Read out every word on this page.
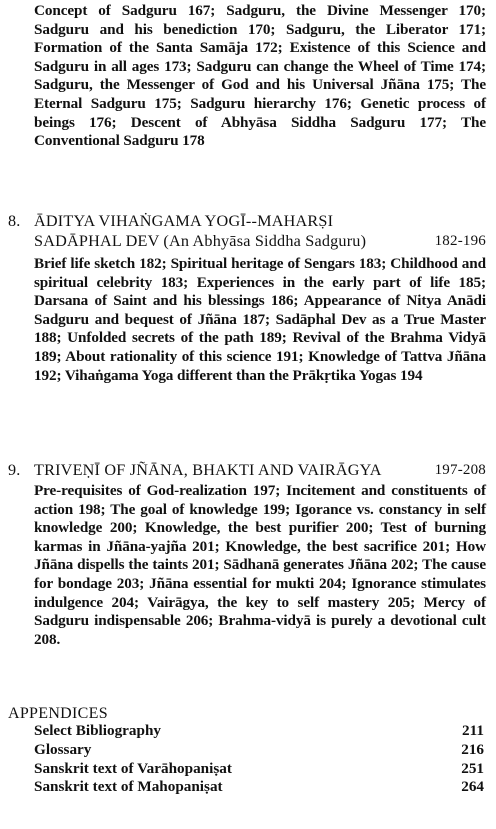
Concept of Sadguru 167; Sadguru, the Divine Messenger 170; Sadguru and his benediction 170; Sadguru, the Liberator 171; Formation of the Santa Samāja 172; Existence of this Science and Sadguru in all ages 173; Sadguru can change the Wheel of Time 174; Sadguru, the Messenger of God and his Universal Jñāna 175; The Eternal Sadguru 175; Sadguru hierarchy 176; Genetic process of beings 176; Descent of Abhyāsa Siddha Sadguru 177; The Conventional Sadguru 178
8. ĀDITYA VIHAṄGAMA YOGĪ--MAHARṢI
SADĀPHAL DEV (An Abhyāsa Siddha Sadguru)	182-196
Brief life sketch 182; Spiritual heritage of Sengars 183; Childhood and spiritual celebrity 183; Experiences in the early part of life 185; Darsana of Saint and his blessings 186; Appearance of Nitya Anādi Sadguru and bequest of Jñāna 187; Sadāphal Dev as a True Master 188; Unfolded secrets of the path 189; Revival of the Brahma Vidyā 189; About rationality of this science 191; Knowledge of Tattva Jñāna 192; Vihaṅgama Yoga different than the Prākṛtika Yogas 194
9. TRIVEṆĪ OF JÑĀNA, BHAKTI AND VAIRĀGYA	197-208
Pre-requisites of God-realization 197; Incitement and constituents of action 198; The goal of knowledge 199; Igorance vs. constancy in self knowledge 200; Knowledge, the best purifier 200; Test of burning karmas in Jñāna-yajña 201; Knowledge, the best sacrifice 201; How Jñāna dispells the taints 201; Sādhanā generates Jñāna 202; The cause for bondage 203; Jñāna essential for mukti 204; Ignorance stimulates indulgence 204; Vairāgya, the key to self mastery 205; Mercy of Sadguru indispensable 206; Brahma-vidyā is purely a devotional cult 208.
APPENDICES
Select Bibliography	211
Glossary	216
Sanskrit text of Varāhopaniṣat	251
Sanskrit text of Mahopaniṣat	264
